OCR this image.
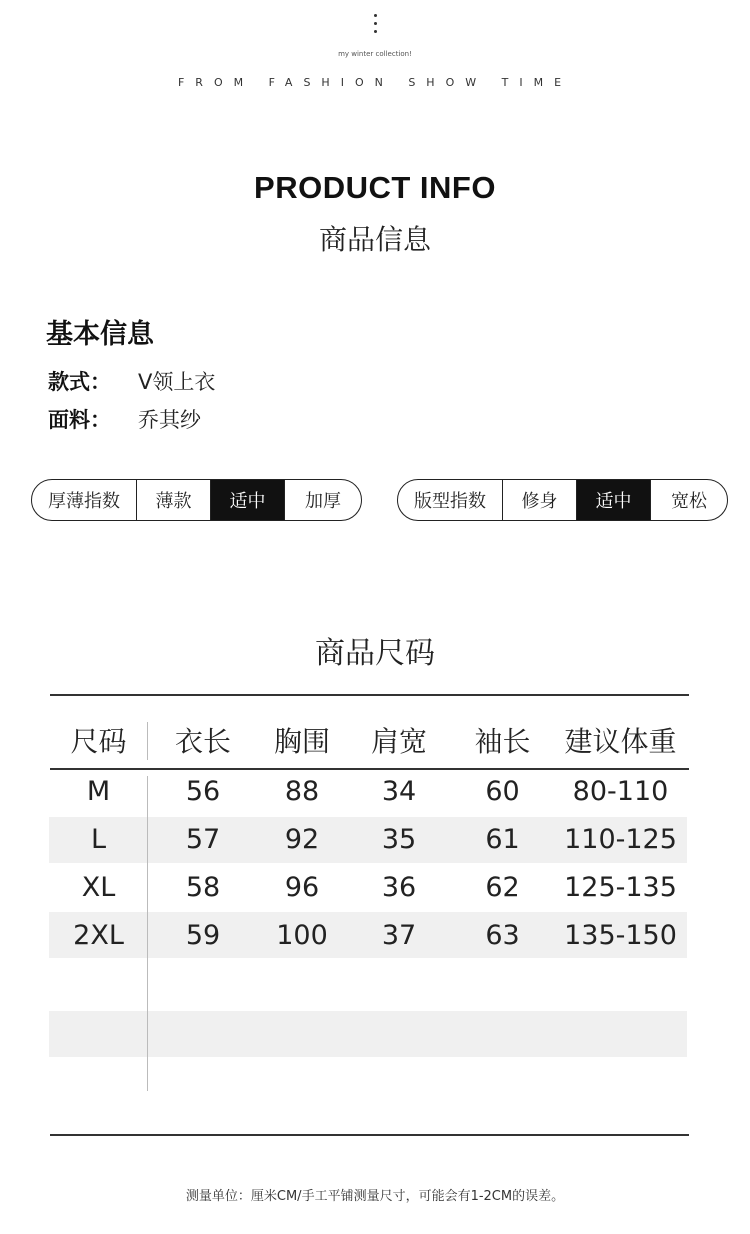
my winter collection!
FROM FASHION SHOW TIME
PRODUCT INFO
商品信息
基本信息
款式： V领上衣
面料： 乔其纱
厚薄指数	薄款	适中	加厚	版型指数	修身	适中	宽松
商品尺码
尺码	衣长	胸围	肩宽	袖长	建议体重
M	56	88	34	60	80-110
L	57	92	35	61	110-125
XL	58	96	36	62	125-135
2XL	59	100	37	63	135-150
测量单位：厘米CM/手工平铺测量尺寸，可能会有1-2CM的误差。
